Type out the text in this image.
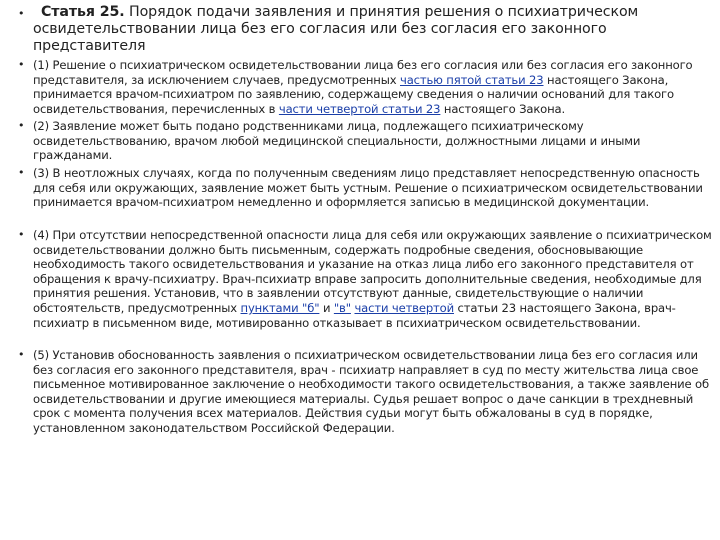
•	Статья 25. Порядок подачи заявления и принятия решения о психиатрическом
освидетельствовании лица без его согласия или без согласия его законного представителя
• (1) Решение о психиатрическом освидетельствовании лица без его согласия или без согласия его законного представителя, за исключением случаев, предусмотренных частью пятой статьи 23 настоящего Закона, принимается врачом-психиатром по заявлению, содержащему сведения о наличии оснований для такого освидетельствования, перечисленных в части четвертой статьи 23 настоящего Закона.
• (2) Заявление может быть подано родственниками лица, подлежащего психиатрическому освидетельствованию, врачом любой медицинской специальности, должностными лицами и иными гражданами.
• (3) В неотложных случаях, когда по полученным сведениям лицо представляет непосредственную опасность для себя или окружающих, заявление может быть устным. Решение о психиатрическом освидетельствовании принимается врачом-психиатром немедленно и оформляется записью в медицинской документации.
• (4) При отсутствии непосредственной опасности лица для себя или окружающих заявление о психиатрическом освидетельствовании должно быть письменным, содержать подробные сведения, обосновывающие необходимость такого освидетельствования и указание на отказ лица либо его законного представителя от обращения к врачу-психиатру. Врач-психиатр вправе запросить дополнительные сведения, необходимые для принятия решения. Установив, что в заявлении отсутствуют данные, свидетельствующие о наличии обстоятельств, предусмотренных пунктами "б" и "в" части четвертой статьи 23 настоящего Закона, врач-психиатр в письменном виде, мотивированно отказывает в психиатрическом освидетельствовании.
• (5) Установив обоснованность заявления о психиатрическом освидетельствовании лица без его согласия или без согласия его законного представителя, врач - психиатр направляет в суд по месту жительства лица свое письменное мотивированное заключение о необходимости такого освидетельствования, а также заявление об освидетельствовании и другие имеющиеся материалы. Судья решает вопрос о даче санкции в трехдневный срок с момента получения всех материалов. Действия судьи могут быть обжалованы в суд в порядке, установленном законодательством Российской Федерации.
